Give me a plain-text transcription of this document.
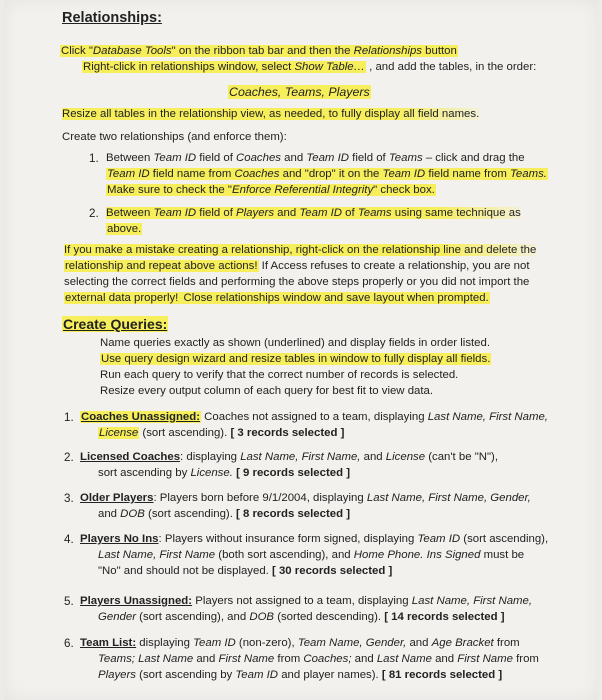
Relationships:
Click "Database Tools" on the ribbon tab bar and then the Relationships button
Right-click in relationships window, select Show Table… , and add the tables, in the order:
Coaches, Teams, Players
Resize all tables in the relationship view, as needed, to fully display all field names.
Create two relationships (and enforce them):
1. Between Team ID field of Coaches and Team ID field of Teams – click and drag the
Team ID field name from Coaches and "drop" it on the Team ID field name from Teams.
Make sure to check the "Enforce Referential Integrity" check box.
2. Between Team ID field of Players and Team ID of Teams using same technique as
above.
If you make a mistake creating a relationship, right-click on the relationship line and delete the
relationship and repeat above actions! If Access refuses to create a relationship, you are not
selecting the correct fields and performing the above steps properly or you did not import the
external data properly! Close relationships window and save layout when prompted.
Create Queries:
Name queries exactly as shown (underlined) and display fields in order listed.
Use query design wizard and resize tables in window to fully display all fields.
Run each query to verify that the correct number of records is selected.
Resize every output column of each query for best fit to view data.
1. Coaches Unassigned: Coaches not assigned to a team, displaying Last Name, First Name,
License (sort ascending). [ 3 records selected ]
2. Licensed Coaches: displaying Last Name, First Name, and License (can't be "N"),
sort ascending by License. [ 9 records selected ]
3. Older Players: Players born before 9/1/2004, displaying Last Name, First Name, Gender,
and DOB (sort ascending). [ 8 records selected ]
4. Players No Ins: Players without insurance form signed, displaying Team ID (sort ascending),
Last Name, First Name (both sort ascending), and Home Phone. Ins Signed must be
"No" and should not be displayed. [ 30 records selected ]
5. Players Unassigned: Players not assigned to a team, displaying Last Name, First Name,
Gender (sort ascending), and DOB (sorted descending). [ 14 records selected ]
6. Team List: displaying Team ID (non-zero), Team Name, Gender, and Age Bracket from
Teams; Last Name and First Name from Coaches; and Last Name and First Name from
Players (sort ascending by Team ID and player names). [ 81 records selected ]
